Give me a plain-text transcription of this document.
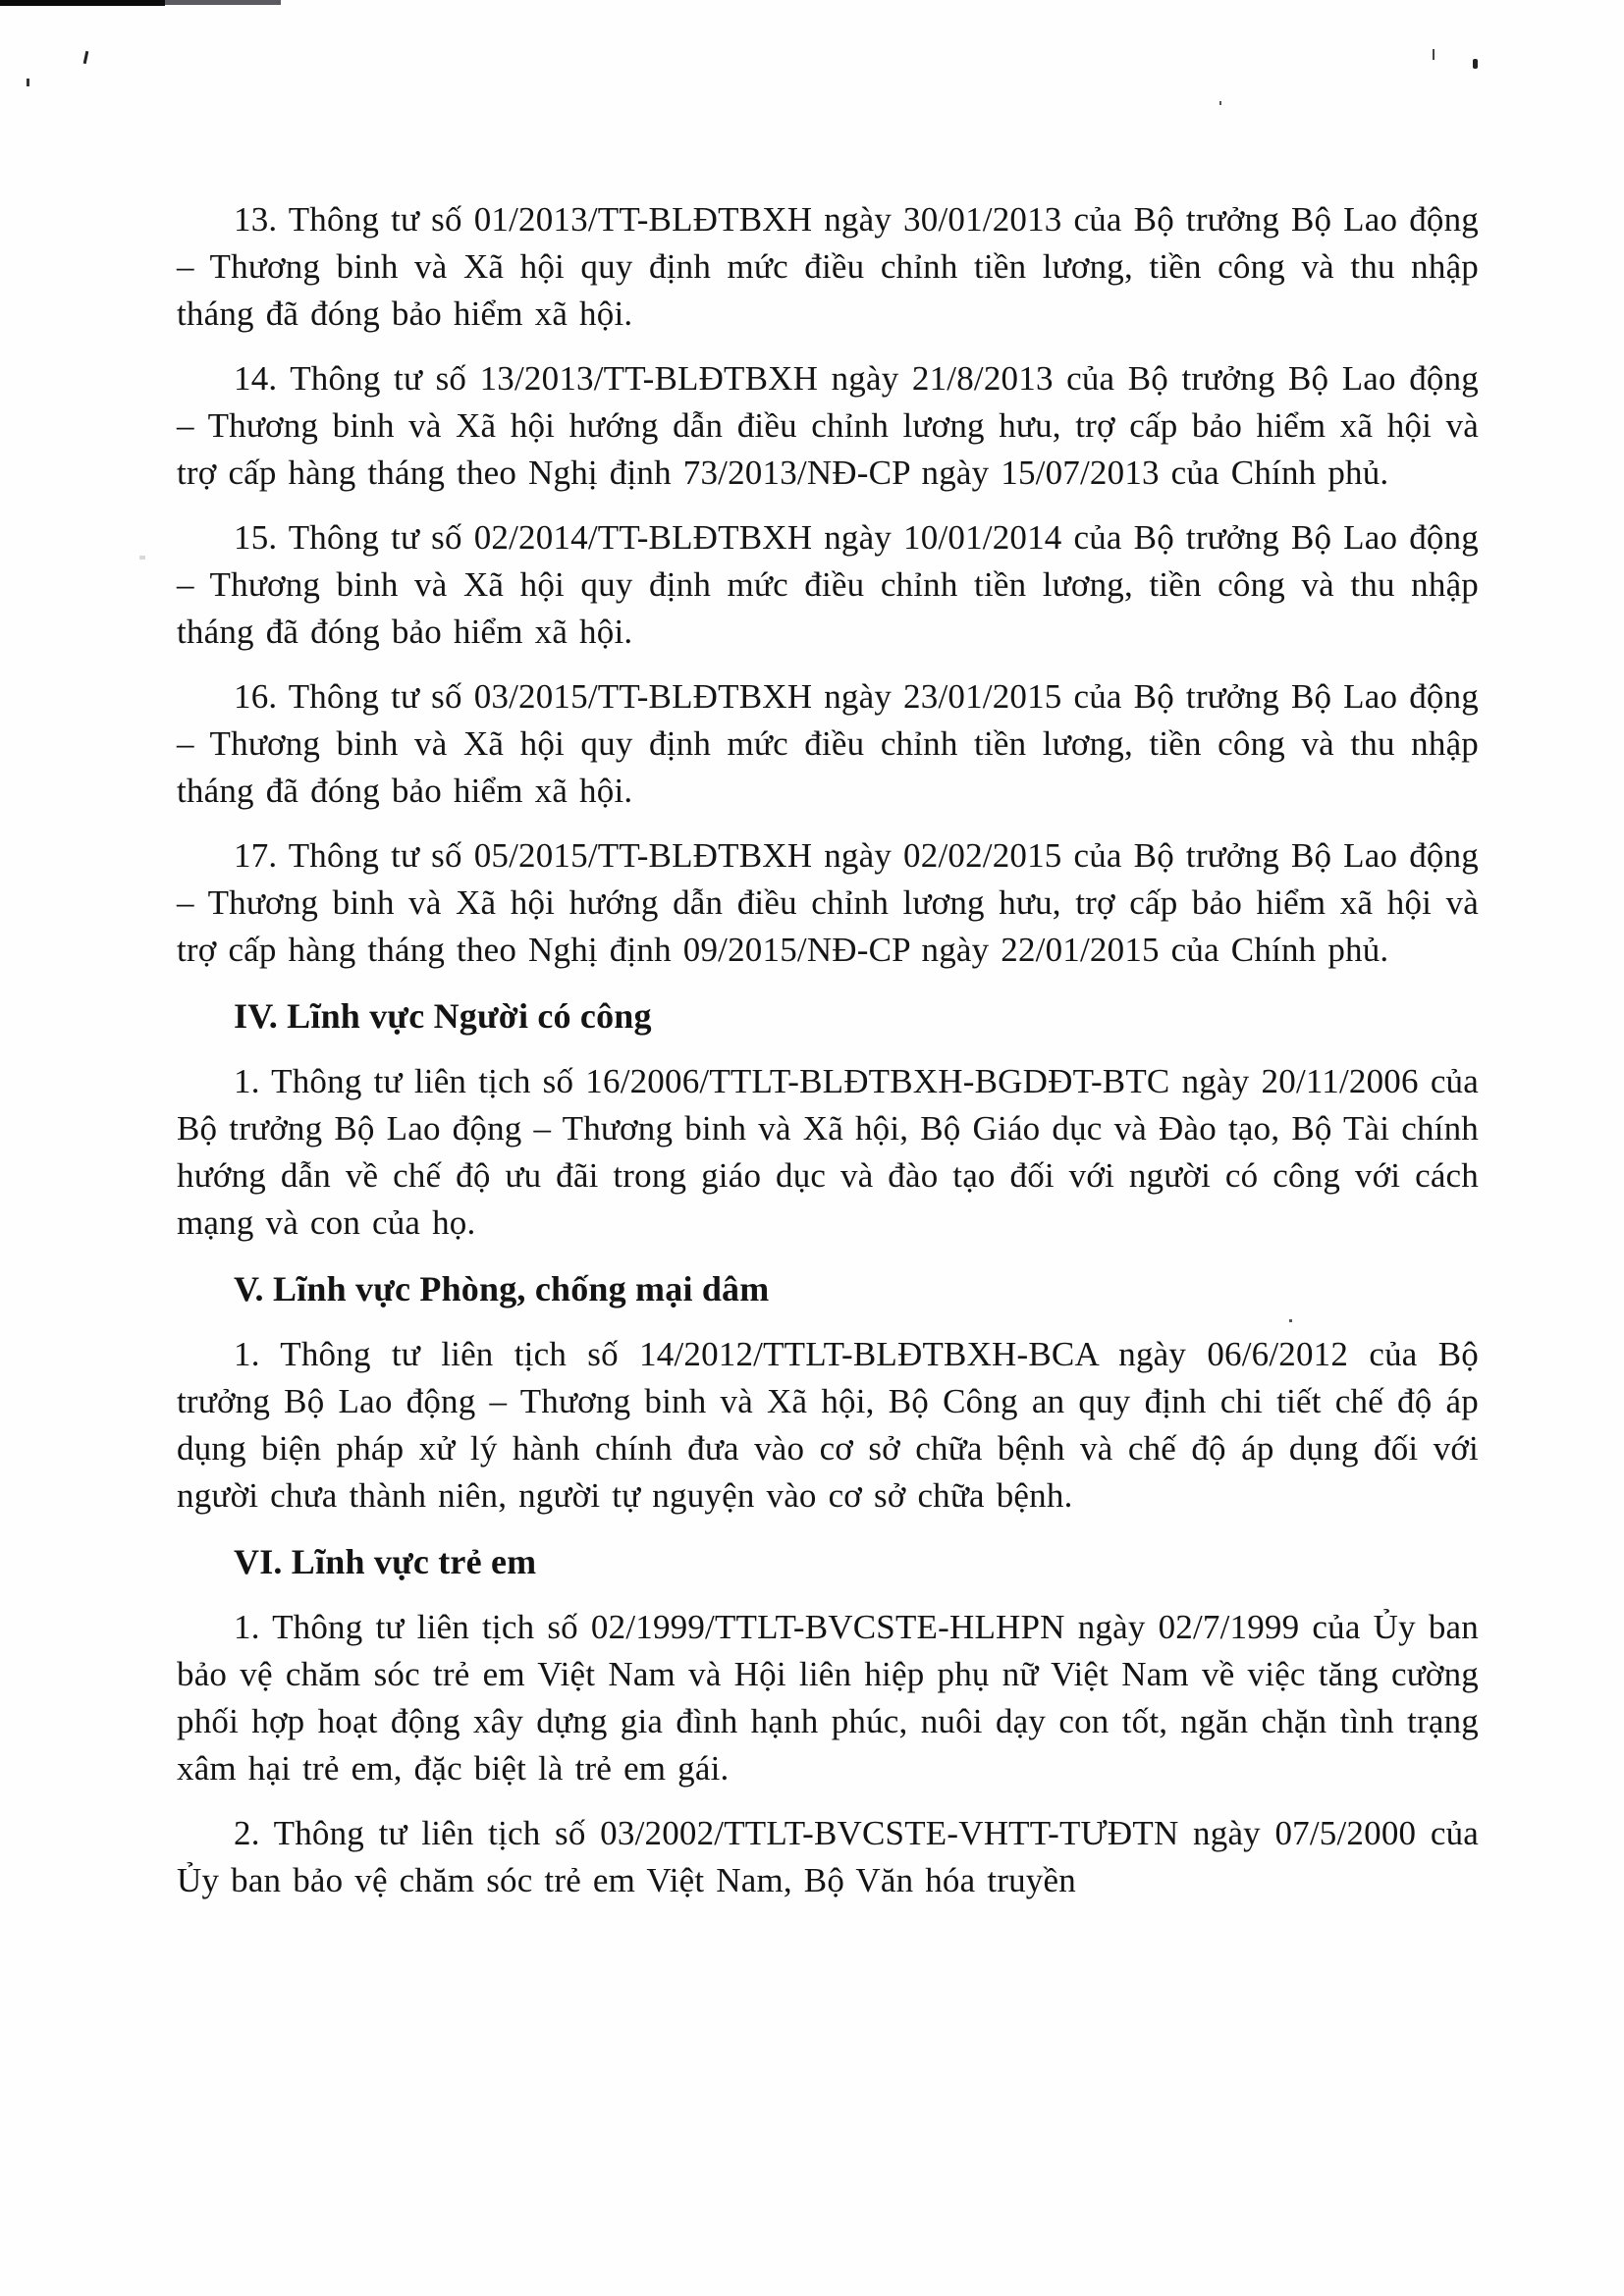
13. Thông tư số 01/2013/TT-BLĐTBXH ngày 30/01/2013 của Bộ trưởng Bộ Lao động – Thương binh và Xã hội quy định mức điều chỉnh tiền lương, tiền công và thu nhập tháng đã đóng bảo hiểm xã hội.

14. Thông tư số 13/2013/TT-BLĐTBXH ngày 21/8/2013 của Bộ trưởng Bộ Lao động – Thương binh và Xã hội hướng dẫn điều chỉnh lương hưu, trợ cấp bảo hiểm xã hội và trợ cấp hàng tháng theo Nghị định 73/2013/NĐ-CP ngày 15/07/2013 của Chính phủ.

15. Thông tư số 02/2014/TT-BLĐTBXH ngày 10/01/2014 của Bộ trưởng Bộ Lao động – Thương binh và Xã hội quy định mức điều chỉnh tiền lương, tiền công và thu nhập tháng đã đóng bảo hiểm xã hội.

16. Thông tư số 03/2015/TT-BLĐTBXH ngày 23/01/2015 của Bộ trưởng Bộ Lao động – Thương binh và Xã hội quy định mức điều chỉnh tiền lương, tiền công và thu nhập tháng đã đóng bảo hiểm xã hội.

17. Thông tư số 05/2015/TT-BLĐTBXH ngày 02/02/2015 của Bộ trưởng Bộ Lao động – Thương binh và Xã hội hướng dẫn điều chỉnh lương hưu, trợ cấp bảo hiểm xã hội và trợ cấp hàng tháng theo Nghị định 09/2015/NĐ-CP ngày 22/01/2015 của Chính phủ.

IV. Lĩnh vực Người có công

1. Thông tư liên tịch số 16/2006/TTLT-BLĐTBXH-BGDĐT-BTC ngày 20/11/2006 của Bộ trưởng Bộ Lao động – Thương binh và Xã hội, Bộ Giáo dục và Đào tạo, Bộ Tài chính hướng dẫn về chế độ ưu đãi trong giáo dục và đào tạo đối với người có công với cách mạng và con của họ.

V. Lĩnh vực Phòng, chống mại dâm

1. Thông tư liên tịch số 14/2012/TTLT-BLĐTBXH-BCA ngày 06/6/2012 của Bộ trưởng Bộ Lao động – Thương binh và Xã hội, Bộ Công an quy định chi tiết chế độ áp dụng biện pháp xử lý hành chính đưa vào cơ sở chữa bệnh và chế độ áp dụng đối với người chưa thành niên, người tự nguyện vào cơ sở chữa bệnh.

VI. Lĩnh vực trẻ em

1. Thông tư liên tịch số 02/1999/TTLT-BVCSTE-HLHPN ngày 02/7/1999 của Ủy ban bảo vệ chăm sóc trẻ em Việt Nam và Hội liên hiệp phụ nữ Việt Nam về việc tăng cường phối hợp hoạt động xây dựng gia đình hạnh phúc, nuôi dạy con tốt, ngăn chặn tình trạng xâm hại trẻ em, đặc biệt là trẻ em gái.

2. Thông tư liên tịch số 03/2002/TTLT-BVCSTE-VHTT-TƯĐTN ngày 07/5/2000 của Ủy ban bảo vệ chăm sóc trẻ em Việt Nam, Bộ Văn hóa truyền
